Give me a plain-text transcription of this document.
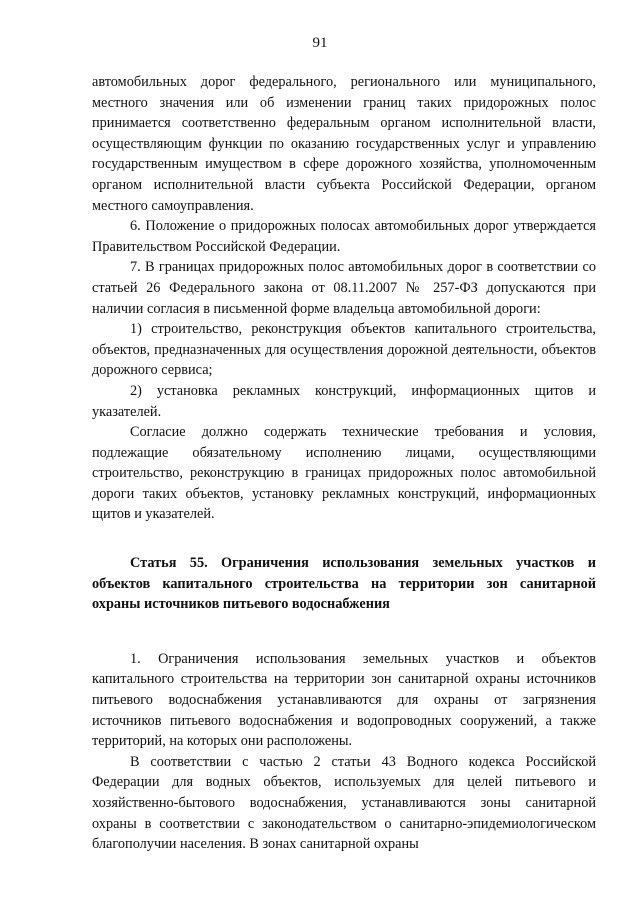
91

автомобильных дорог федерального, регионального или муниципального, местного значения или об изменении границ таких придорожных полос принимается соответственно федеральным органом исполнительной власти, осуществляющим функции по оказанию государственных услуг и управлению государственным имуществом в сфере дорожного хозяйства, уполномоченным органом исполнительной власти субъекта Российской Федерации, органом местного самоуправления.

6. Положение о придорожных полосах автомобильных дорог утверждается Правительством Российской Федерации.

7. В границах придорожных полос автомобильных дорог в соответствии со статьей 26 Федерального закона от 08.11.2007 № 257-ФЗ допускаются при наличии согласия в письменной форме владельца автомобильной дороги:

1) строительство, реконструкция объектов капитального строительства, объектов, предназначенных для осуществления дорожной деятельности, объектов дорожного сервиса;

2) установка рекламных конструкций, информационных щитов и указателей.

Согласие должно содержать технические требования и условия, подлежащие обязательному исполнению лицами, осуществляющими строительство, реконструкцию в границах придорожных полос автомобильной дороги таких объектов, установку рекламных конструкций, информационных щитов и указателей.

Статья 55. Ограничения использования земельных участков и объектов капитального строительства на территории зон санитарной охраны источников питьевого водоснабжения

1. Ограничения использования земельных участков и объектов капитального строительства на территории зон санитарной охраны источников питьевого водоснабжения устанавливаются для охраны от загрязнения источников питьевого водоснабжения и водопроводных сооружений, а также территорий, на которых они расположены.

В соответствии с частью 2 статьи 43 Водного кодекса Российской Федерации для водных объектов, используемых для целей питьевого и хозяйственно-бытового водоснабжения, устанавливаются зоны санитарной охраны в соответствии с законодательством о санитарно-эпидемиологическом благополучии населения. В зонах санитарной охраны
